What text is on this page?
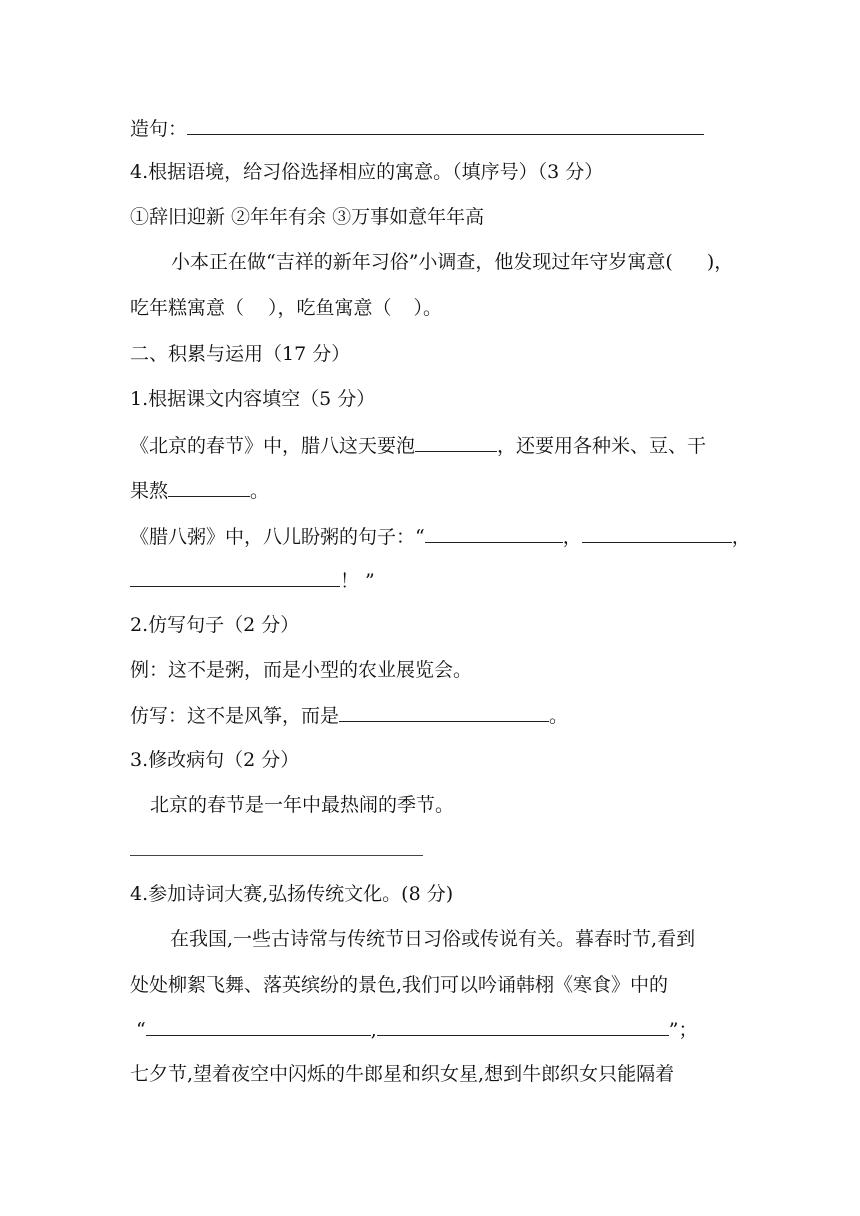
造句：
4.根据语境，给习俗选择相应的寓意。（填序号）（3 分）
①辞旧迎新 ②年年有余 ③万事如意年年高
小本正在做“吉祥的新年习俗”小调查，他发现过年守岁寓意( )，
吃年糕寓意（ ），吃鱼寓意（ ）。
二、积累与运用（17 分）
1.根据课文内容填空（5 分）
《北京的春节》中，腊八这天要泡	，还要用各种米、豆、干
果熬	。
《腊八粥》中，八儿盼粥的句子：“	，	，
！ ”
2.仿写句子（2 分）
例：这不是粥，而是小型的农业展览会。
仿写：这不是风筝，而是	。
3.修改病句（2 分）
北京的春节是一年中最热闹的季节。
4.参加诗词大赛,弘扬传统文化。(8 分)
在我国,一些古诗常与传统节日习俗或传说有关。暮春时节,看到
处处柳絮飞舞、落英缤纷的景色,我们可以吟诵韩栩《寒食》中的
“	,	”；
七夕节,望着夜空中闪烁的牛郎星和织女星,想到牛郎织女只能隔着
